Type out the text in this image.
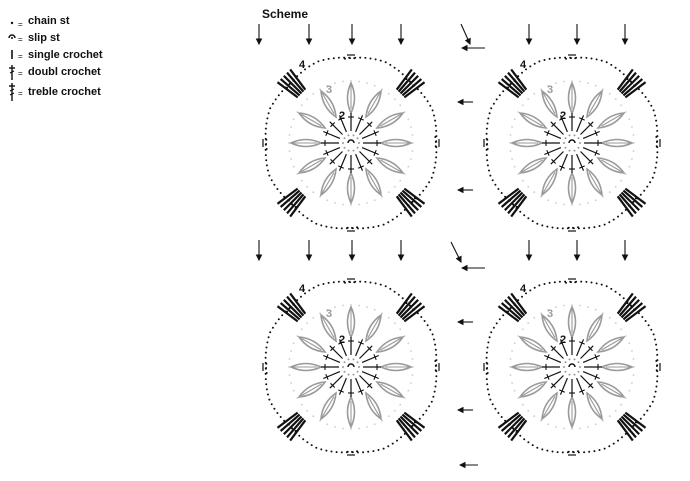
Scheme
= chain st
= slip st
= single crochet
= doubl crochet
= treble crochet
2
3
4
2
3
4
2
3
4
2
3
4
